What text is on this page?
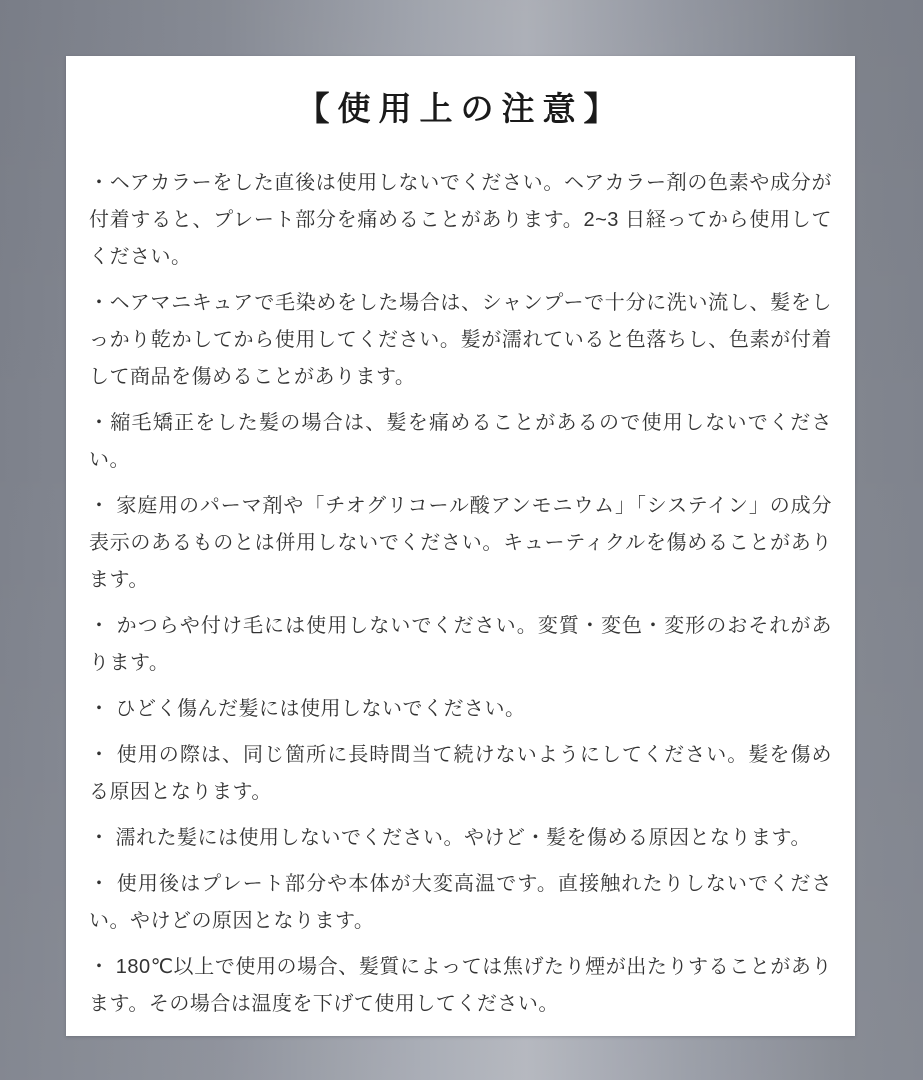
【使用上の注意】

・ヘアカラーをした直後は使用しないでください。ヘアカラー剤の色素や成分が付着すると、プレート部分を痛めることがあります。2~3 日経ってから使用してください。

・ヘアマニキュアで毛染めをした場合は、シャンプーで十分に洗い流し、髪をしっかり乾かしてから使用してください。髪が濡れていると色落ちし、色素が付着して商品を傷めることがあります。

・縮毛矯正をした髪の場合は、髪を痛めることがあるので使用しないでください。

・ 家庭用のパーマ剤や「チオグリコール酸アンモニウム」「システイン」の成分表示のあるものとは併用しないでください。キューティクルを傷めることがあります。

・ かつらや付け毛には使用しないでください。変質・変色・変形のおそれがあります。

・ ひどく傷んだ髪には使用しないでください。

・ 使用の際は、同じ箇所に長時間当て続けないようにしてください。髪を傷める原因となります。

・ 濡れた髪には使用しないでください。やけど・髪を傷める原因となります。

・ 使用後はプレート部分や本体が大変高温です。直接触れたりしないでください。やけどの原因となります。

・ 180℃以上で使用の場合、髪質によっては焦げたり煙が出たりすることがあります。その場合は温度を下げて使用してください。
